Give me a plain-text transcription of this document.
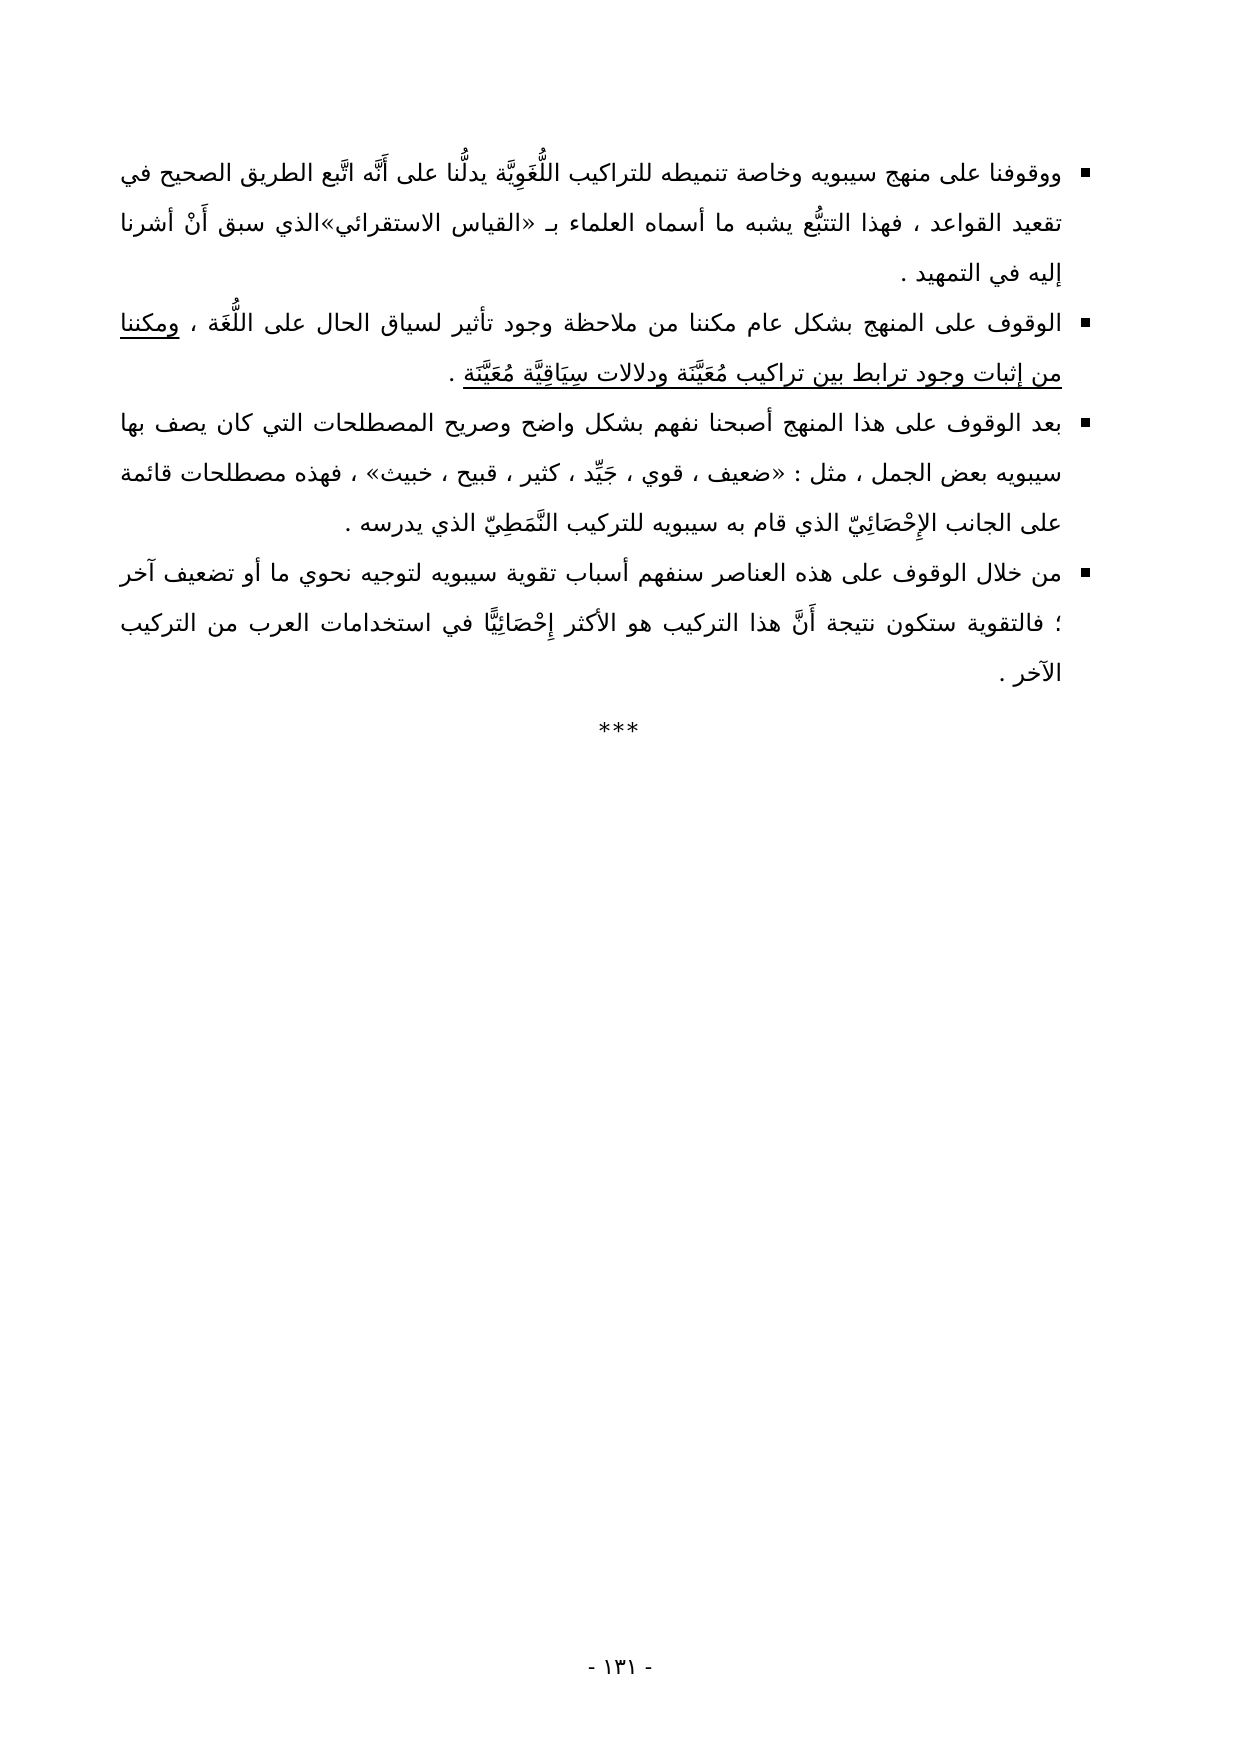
ووقوفنا على منهج سيبويه وخاصة تنميطه للتراكيب اللُّغَوِيَّة يدلُّنا على أَنَّه اتَّبع الطريق الصحيح في تقعيد القواعد ، فهذا التتبُّع يشبه ما أسماه العلماء بـ «القياس الاستقرائي»الذي سبق أَنْ أشرنا إليه في التمهيد .
الوقوف على المنهج بشكل عام مكننا من ملاحظة وجود تأثير لسياق الحال على اللُّغَة ، ومكننا من إثبات وجود ترابط بين تراكيب مُعَيَّنَة ودلالات سِيَاقِيَّة مُعَيَّنَة .
بعد الوقوف على هذا المنهج أصبحنا نفهم بشكل واضح وصريح المصطلحات التي كان يصف بها سيبويه بعض الجمل ، مثل : «ضعيف ، قوي ، جَيِّد ، كثير ، قبيح ، خبيث» ، فهذه مصطلحات قائمة على الجانب الإِحْصَائِيّ الذي قام به سيبويه للتركيب النَّمَطِيّ الذي يدرسه .
من خلال الوقوف على هذه العناصر سنفهم أسباب تقوية سيبويه لتوجيه نحوي ما أو تضعيف آخر ؛ فالتقوية ستكون نتيجة أَنَّ هذا التركيب هو الأكثر إِحْصَائِيًّا في استخدامات العرب من التركيب الآخر .
***
- ١٣١ -
